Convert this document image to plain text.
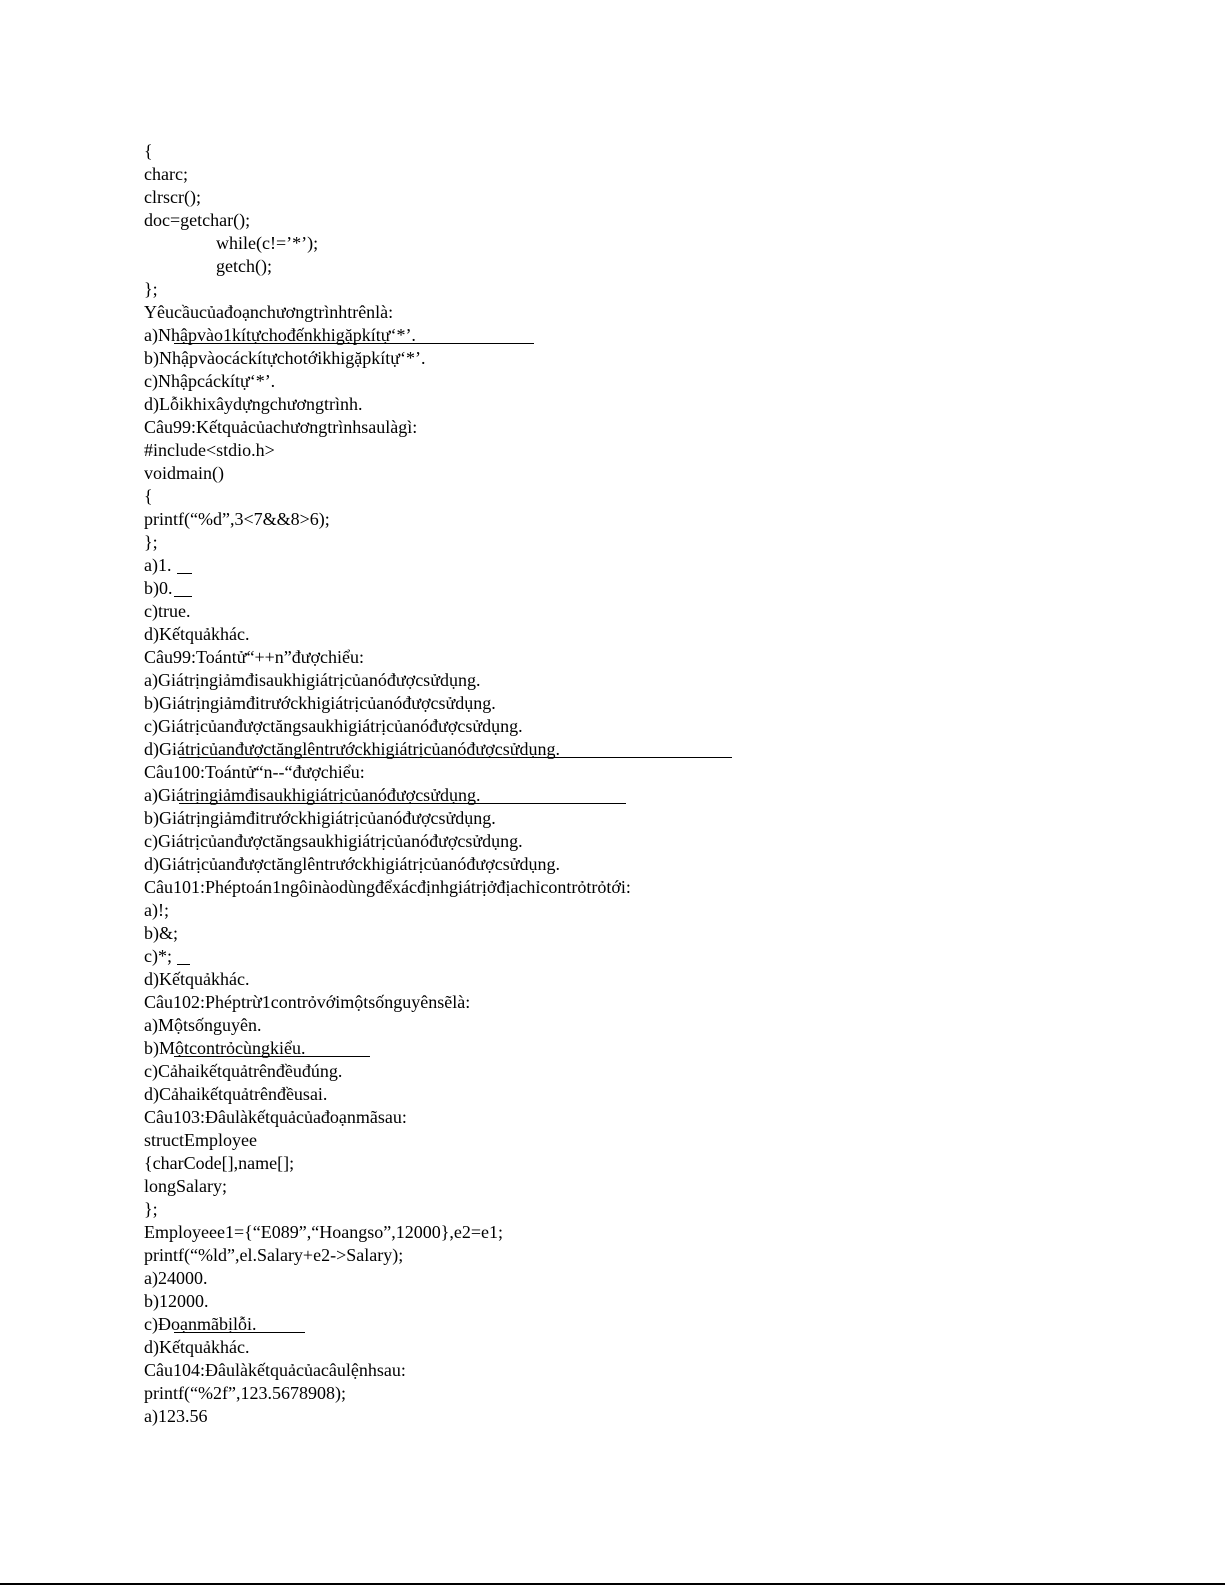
{
charc;
clrscr();
doc=getchar();
while(c!=’*’);
getch();
};
Yêucầucủađoạnchươngtrìnhtrênlà:
a)Nhậpvào1kítựchođếnkhigặpkítự‘*’.
b)Nhậpvàocáckítựchotớikhigặpkítự‘*’.
c)Nhậpcáckítự‘*’.
d)Lỗikhixâydựngchươngtrình.
Câu99:Kếtquảcủachươngtrìnhsaulàgì:
#include<stdio.h>
voidmain()
{
printf(“%d”,3<7&&8>6);
};
a)1.
b)0.
c)true.
d)Kếtquảkhác.
Câu99:Toántử“++n”đượchiểu:
a)Giátrịngiảmđisaukhigiátrịcủanóđượcsửdụng.
b)Giátrịngiảmđitrướckhigiátrịcủanóđượcsửdụng.
c)Giátrịcủanđượctăngsaukhigiátrịcủanóđượcsửdụng.
d)Giátrịcủanđượctănglêntrướckhigiátrịcủanóđượcsửdụng.
Câu100:Toántử“n--“đượchiểu:
a)Giátrịngiảmđisaukhigiátrịcủanóđượcsửdụng.
b)Giátrịngiảmđitrướckhigiátrịcủanóđượcsửdụng.
c)Giátrịcủanđượctăngsaukhigiátrịcủanóđượcsửdụng.
d)Giátrịcủanđượctănglêntrướckhigiátrịcủanóđượcsửdụng.
Câu101:Phéptoán1ngôinàodùngđểxácđịnhgiátrịởđịachỉcontrỏtrỏtới:
a)!;
b)&;
c)*;
d)Kếtquảkhác.
Câu102:Phéptrừ1contrỏvớimộtsốnguyênsẽlà:
a)Mộtsốnguyên.
b)Mộtcontrỏcùngkiểu.
c)Cảhaikếtquảtrênđềuđúng.
d)Cảhaikếtquảtrênđềusai.
Câu103:Đâulàkếtquảcủađoạnmãsau:
structEmployee
{charCode[],name[];
longSalary;
};
Employeee1={“E089”,“Hoangso”,12000},e2=e1;
printf(“%ld”,el.Salary+e2->Salary);
a)24000.
b)12000.
c)Đoạnmãbịlỗi.
d)Kếtquảkhác.
Câu104:Đâulàkếtquảcủacâulệnhsau:
printf(“%2f”,123.5678908);
a)123.56
